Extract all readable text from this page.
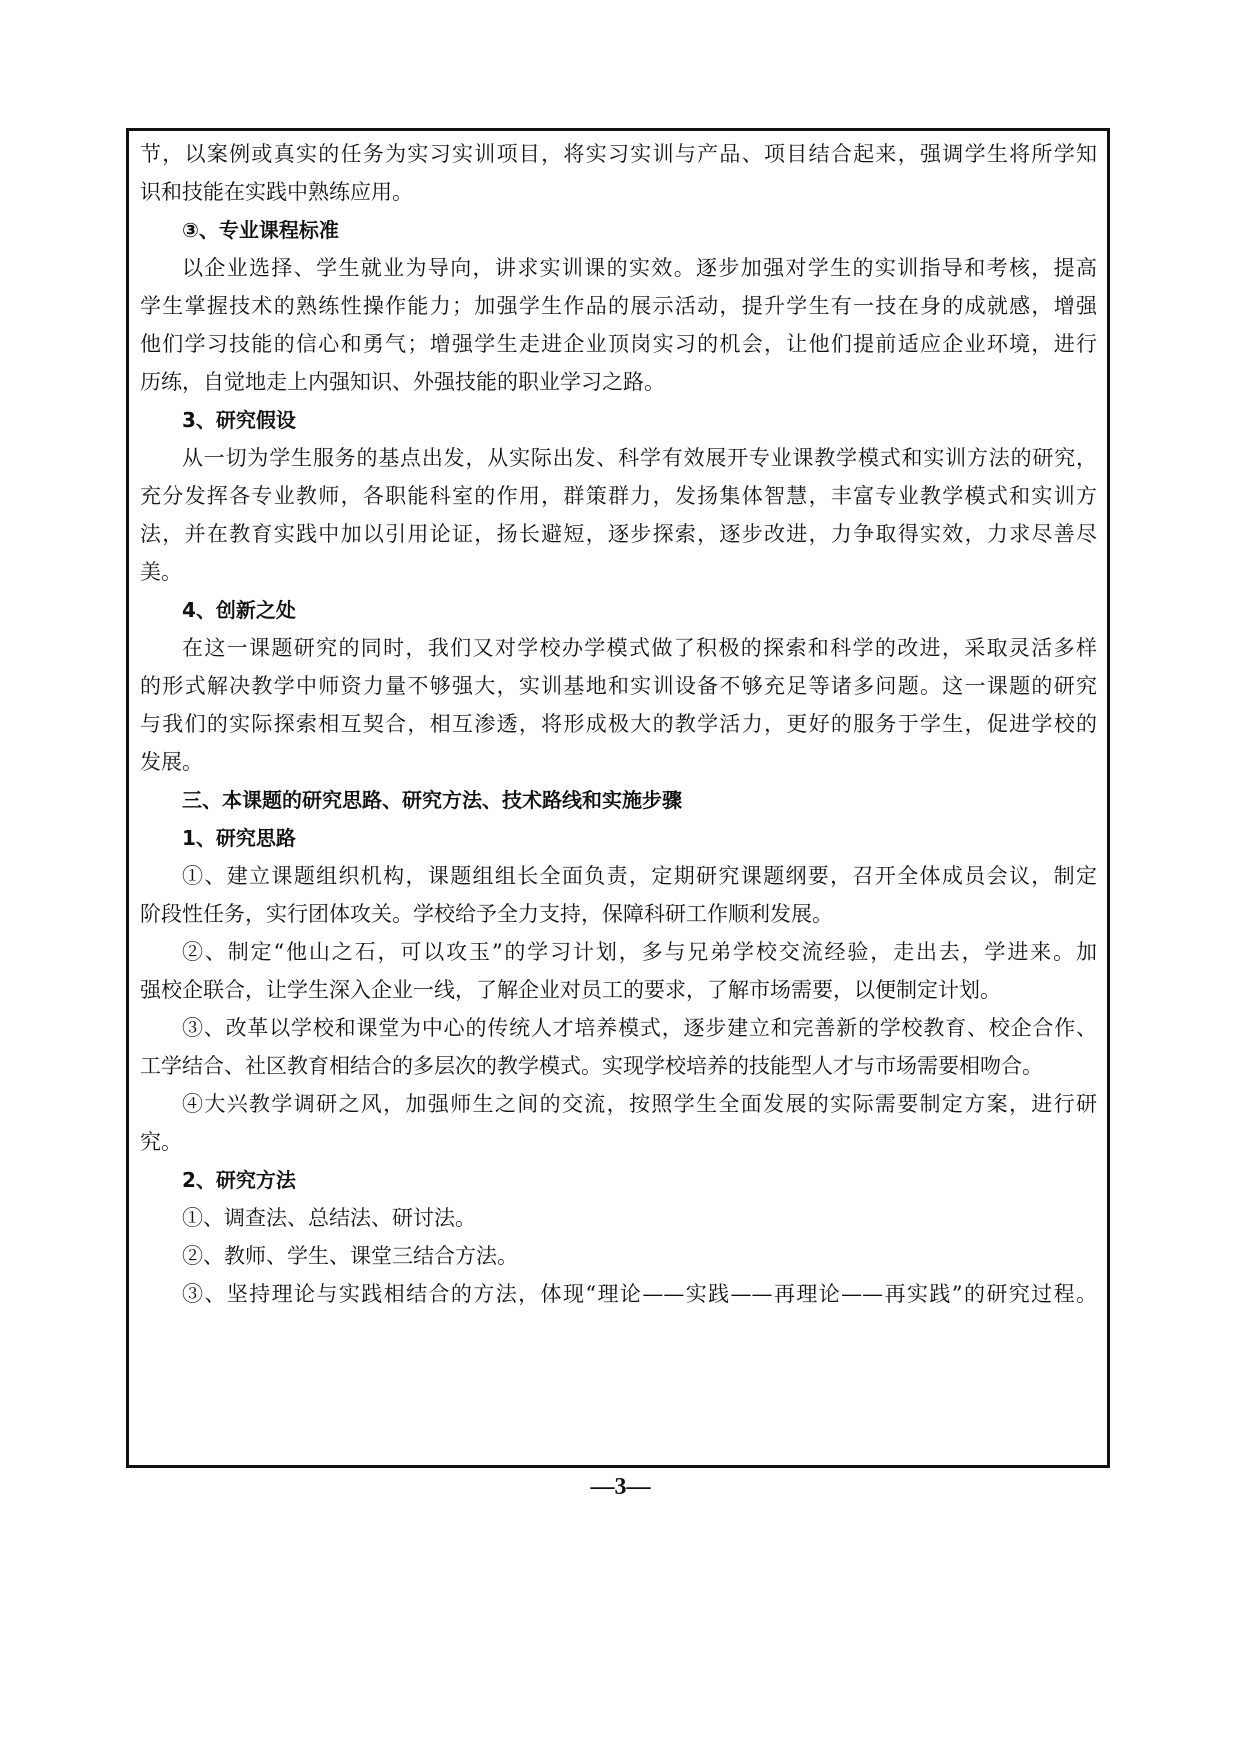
节，以案例或真实的任务为实习实训项目，将实习实训与产品、项目结合起来，强调学生将所学知
识和技能在实践中熟练应用。
③、专业课程标准
以企业选择、学生就业为导向，讲求实训课的实效。逐步加强对学生的实训指导和考核，提高
学生掌握技术的熟练性操作能力；加强学生作品的展示活动，提升学生有一技在身的成就感，增强
他们学习技能的信心和勇气；增强学生走进企业顶岗实习的机会，让他们提前适应企业环境，进行
历练，自觉地走上内强知识、外强技能的职业学习之路。
3、研究假设
从一切为学生服务的基点出发，从实际出发、科学有效展开专业课教学模式和实训方法的研究，
充分发挥各专业教师，各职能科室的作用，群策群力，发扬集体智慧，丰富专业教学模式和实训方
法，并在教育实践中加以引用论证，扬长避短，逐步探索，逐步改进，力争取得实效，力求尽善尽
美。
4、创新之处
在这一课题研究的同时，我们又对学校办学模式做了积极的探索和科学的改进，采取灵活多样
的形式解决教学中师资力量不够强大，实训基地和实训设备不够充足等诸多问题。这一课题的研究
与我们的实际探索相互契合，相互渗透，将形成极大的教学活力，更好的服务于学生，促进学校的
发展。
三、本课题的研究思路、研究方法、技术路线和实施步骤
1、研究思路
①、建立课题组织机构，课题组组长全面负责，定期研究课题纲要，召开全体成员会议，制定
阶段性任务，实行团体攻关。学校给予全力支持，保障科研工作顺利发展。
②、制定“他山之石，可以攻玉”的学习计划，多与兄弟学校交流经验，走出去，学进来。加
强校企联合，让学生深入企业一线，了解企业对员工的要求，了解市场需要，以便制定计划。
③、改革以学校和课堂为中心的传统人才培养模式，逐步建立和完善新的学校教育、校企合作、
工学结合、社区教育相结合的多层次的教学模式。实现学校培养的技能型人才与市场需要相吻合。
④大兴教学调研之风，加强师生之间的交流，按照学生全面发展的实际需要制定方案，进行研
究。
2、研究方法
①、调查法、总结法、研讨法。
②、教师、学生、课堂三结合方法。
③、坚持理论与实践相结合的方法，体现“理论——实践——再理论——再实践”的研究过程。
—3—
